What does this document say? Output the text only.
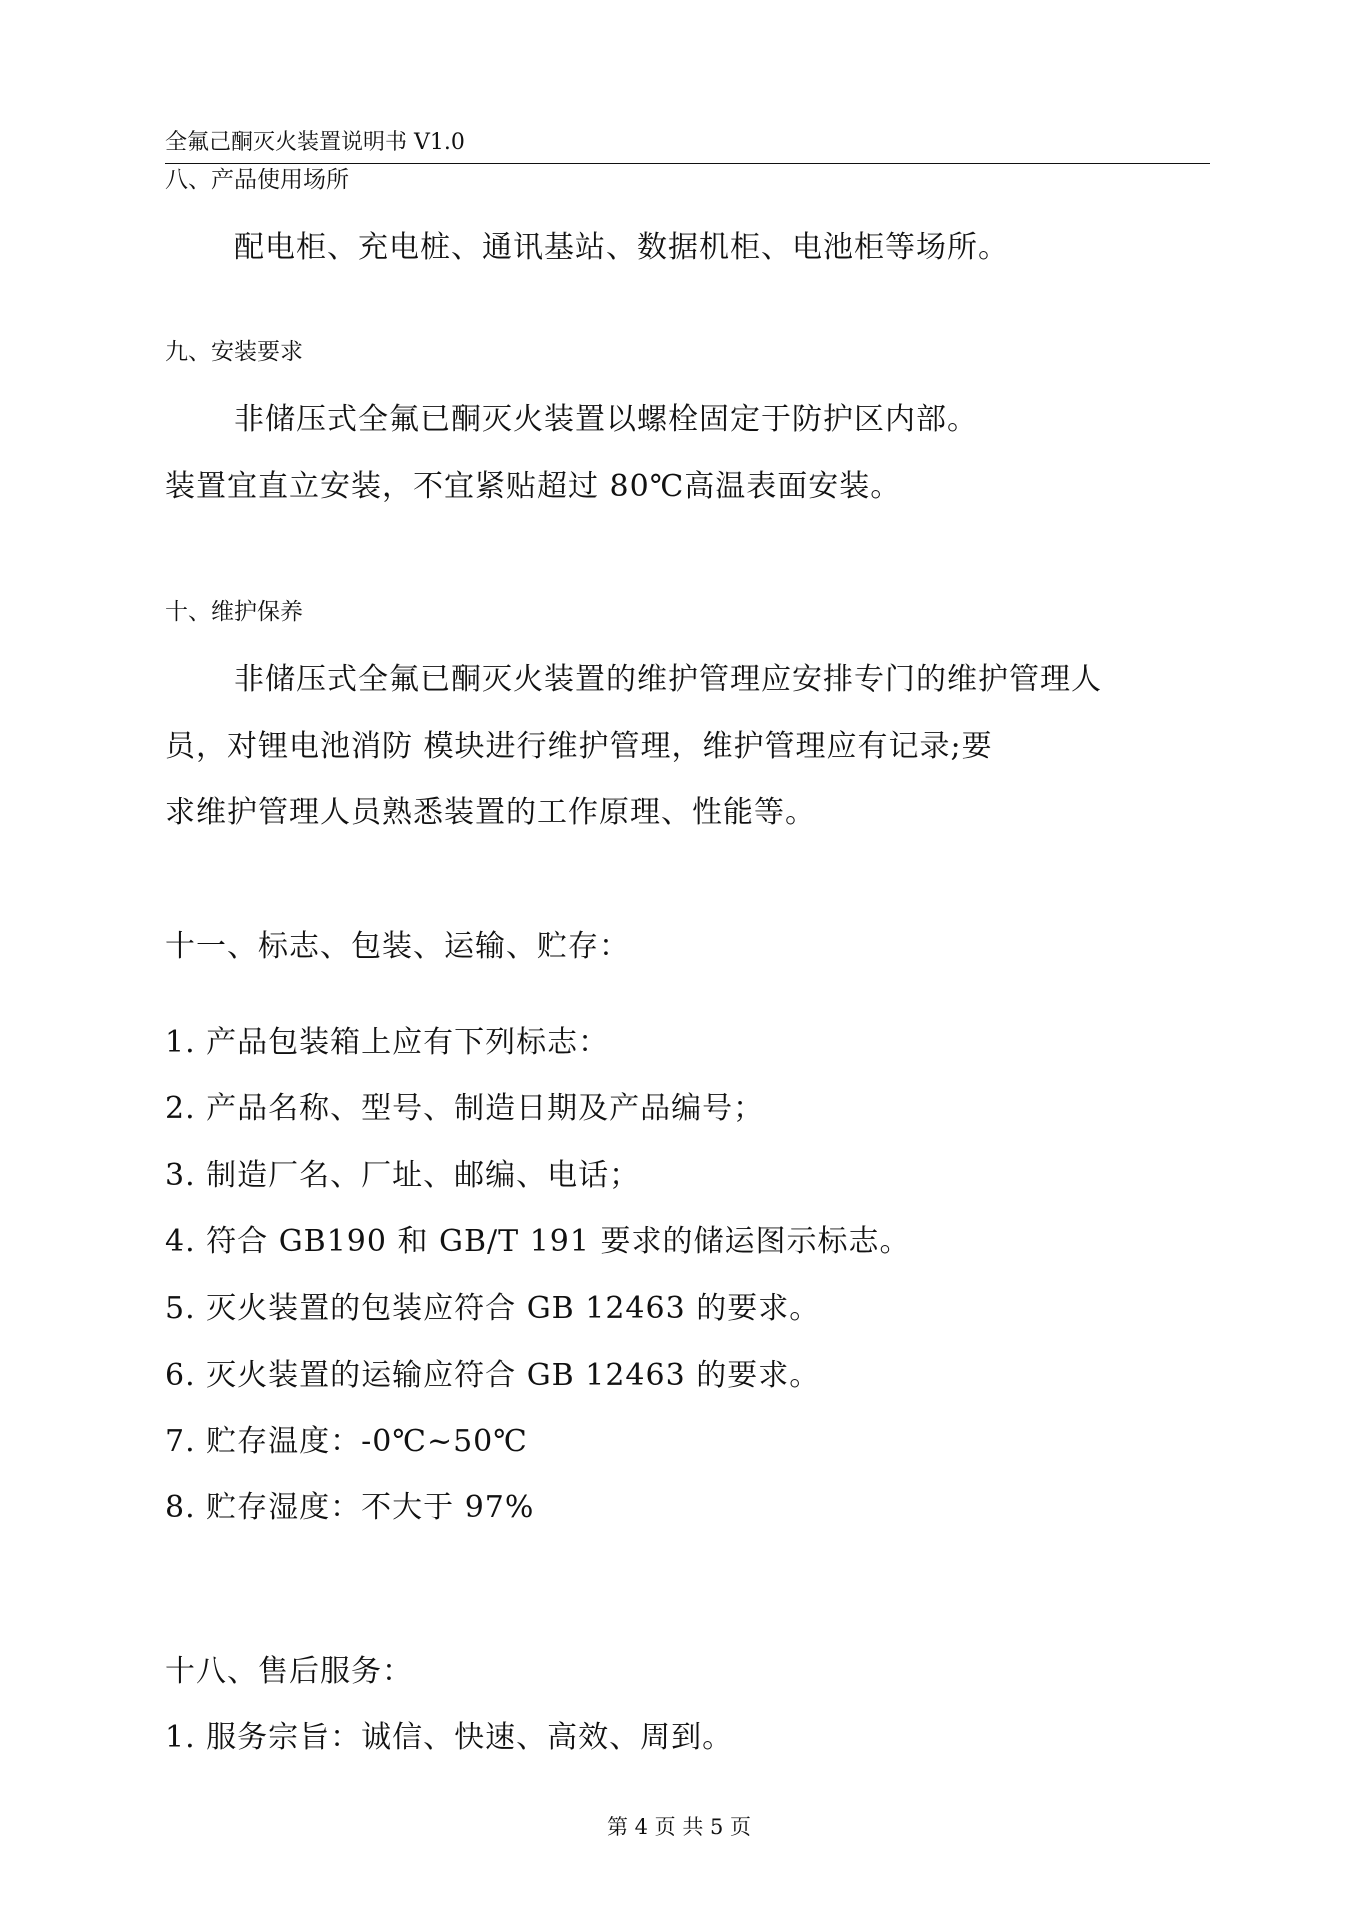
全氟己酮灭火装置说明书 V1.0
八、产品使用场所
配电柜、充电桩、通讯基站、数据机柜、电池柜等场所。
九、安装要求
非储压式全氟已酮灭火装置以螺栓固定于防护区内部。
装置宜直立安装，不宜紧贴超过 80℃高温表面安装。
十、维护保养
非储压式全氟已酮灭火装置的维护管理应安排专门的维护管理人
员，对锂电池消防 模块进行维护管理，维护管理应有记录;要
求维护管理人员熟悉装置的工作原理、性能等。
十一、标志、包装、运输、贮存：
1. 产品包装箱上应有下列标志：
2. 产品名称、型号、制造日期及产品编号；
3. 制造厂名、厂址、邮编、电话；
4. 符合 GB190 和 GB/T 191 要求的储运图示标志。
5. 灭火装置的包装应符合 GB 12463 的要求。
6. 灭火装置的运输应符合 GB 12463 的要求。
7. 贮存温度：-0℃~50℃
8. 贮存湿度：不大于 97%
十八、售后服务：
1. 服务宗旨：诚信、快速、高效、周到。
第 4 页 共 5 页
